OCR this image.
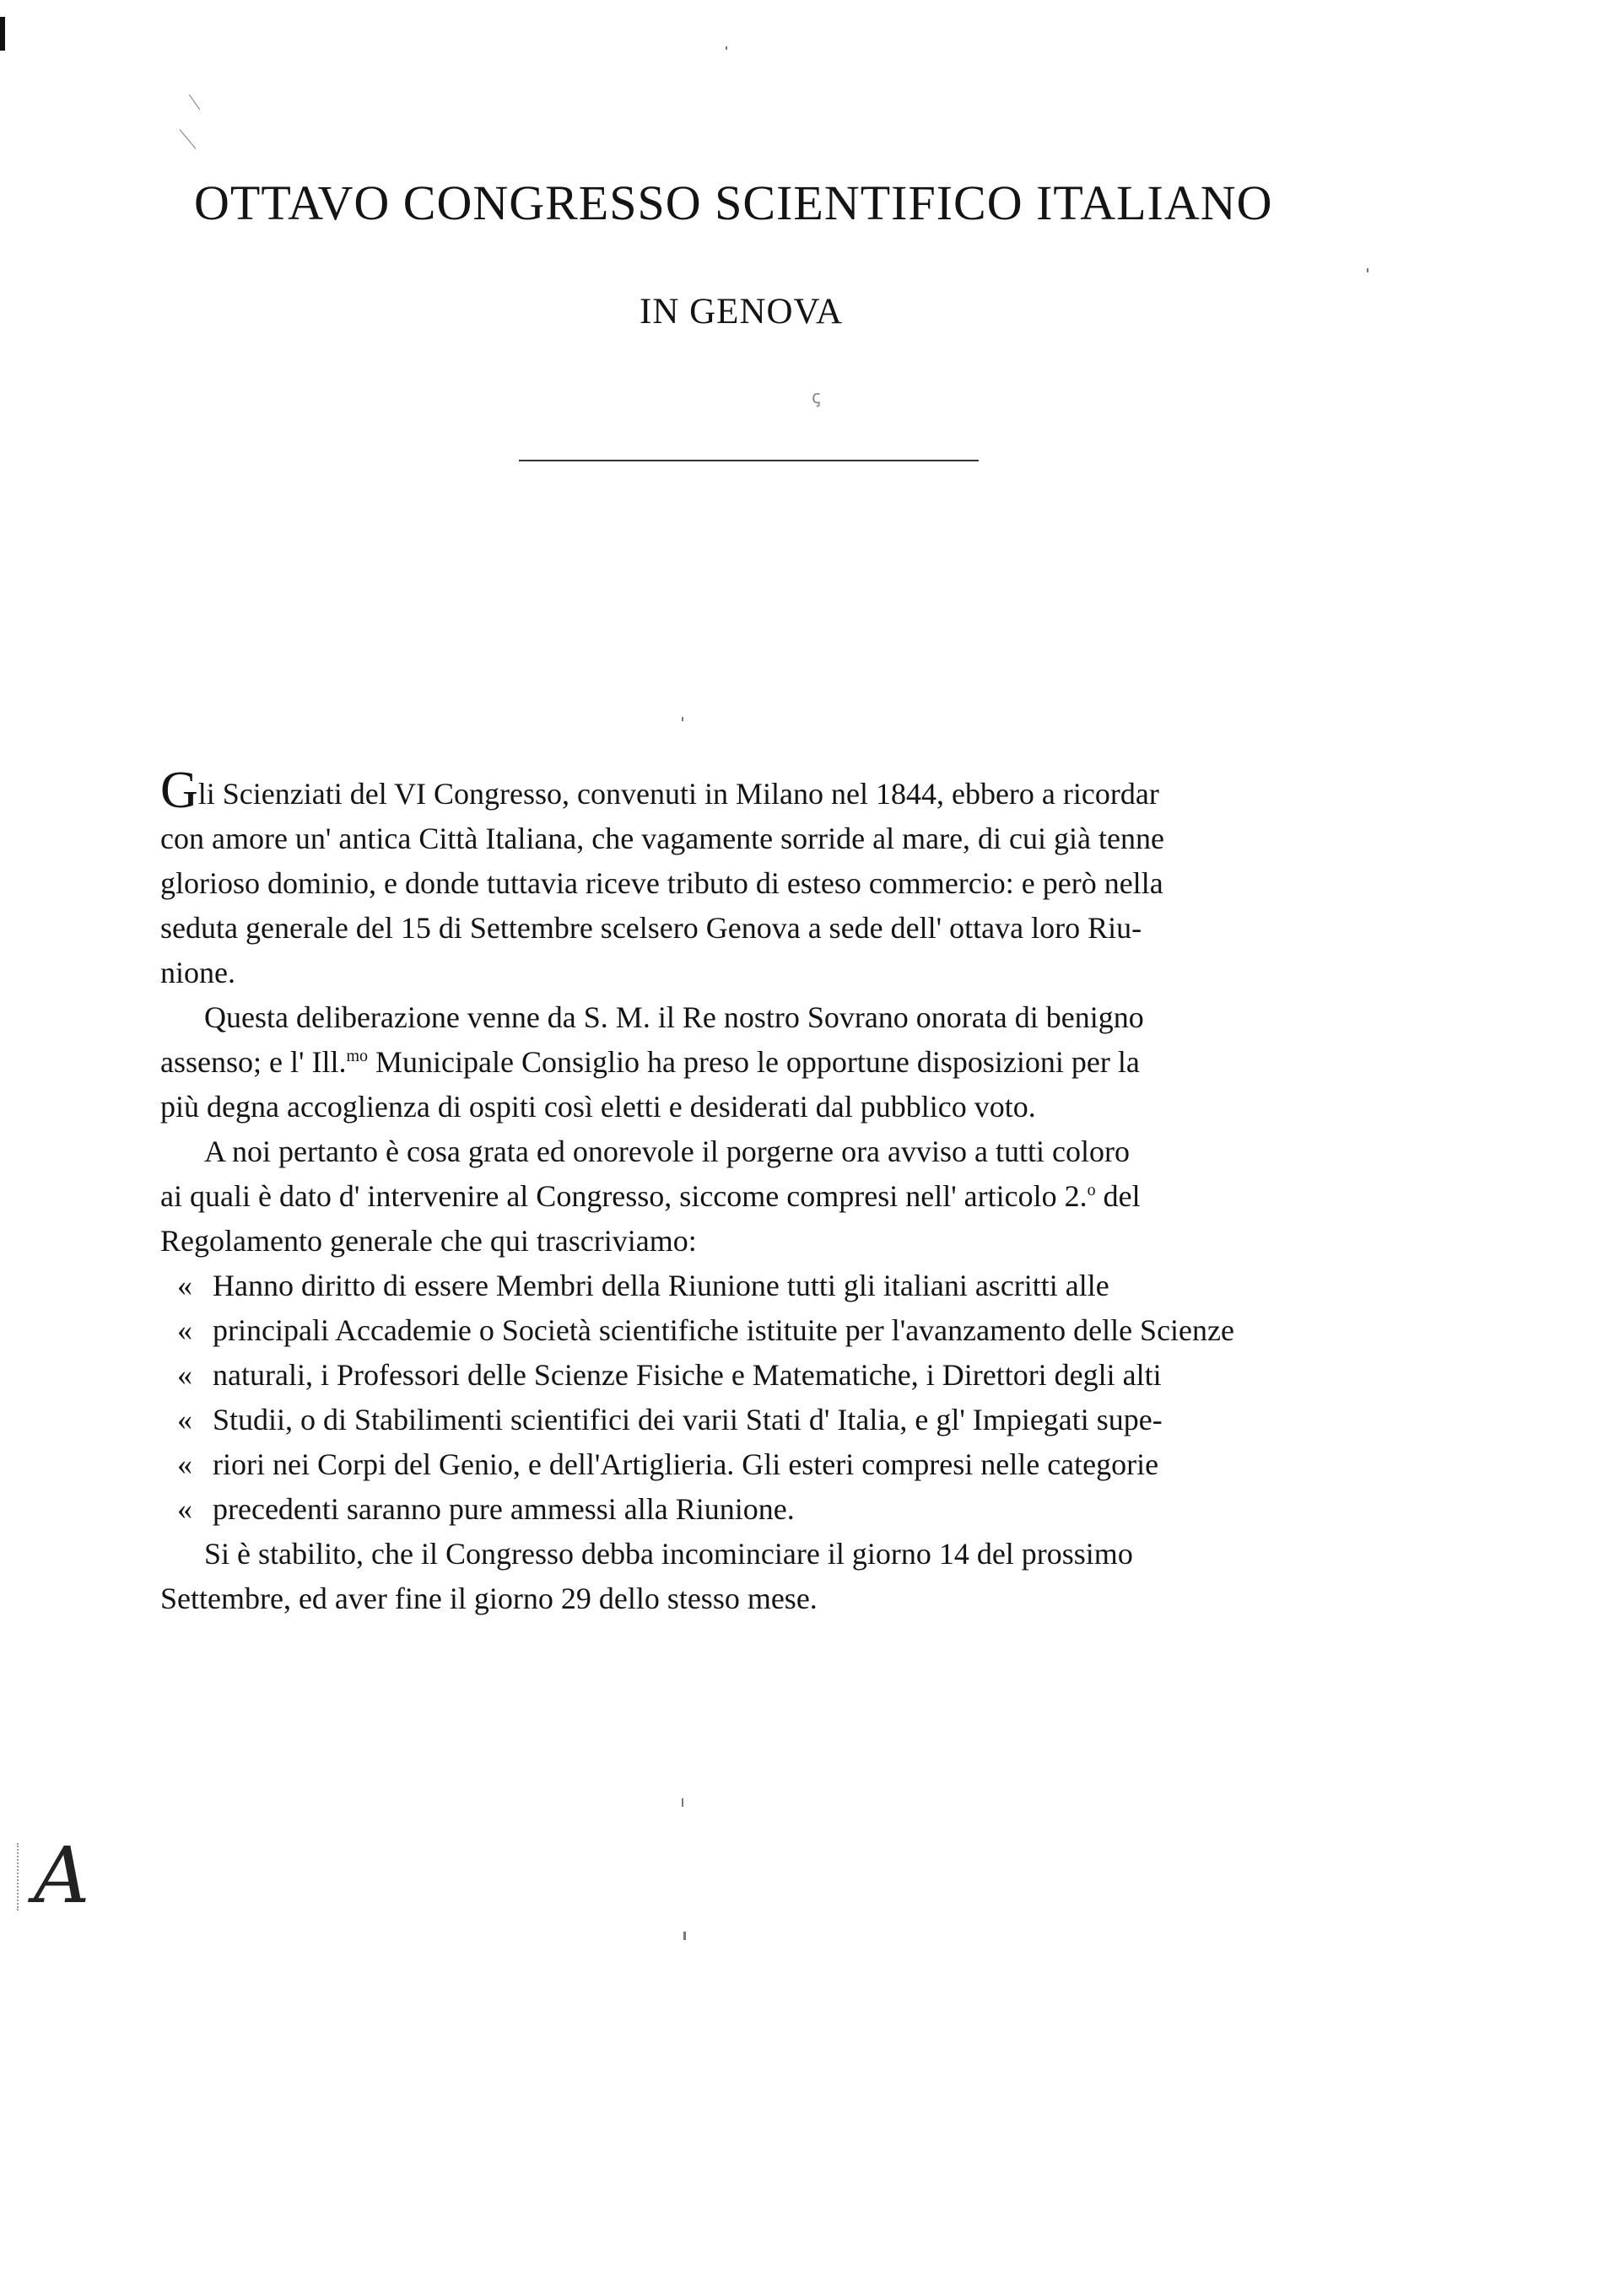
OTTAVO CONGRESSO SCIENTIFICO ITALIANO
IN GENOVA
ꞔ

Gli Scienziati del VI Congresso, convenuti in Milano nel 1844, ebbero a ricordar
con amore un' antica Città Italiana, che vagamente sorride al mare, di cui già tenne
glorioso dominio, e donde tuttavia riceve tributo di esteso commercio: e però nella
seduta generale del 15 di Settembre scelsero Genova a sede dell' ottava loro Riu-
nione.

Questa deliberazione venne da S. M. il Re nostro Sovrano onorata di benigno
assenso; e l' Ill.$^{mo}$ Municipale Consiglio ha preso le opportune disposizioni per la
più degna accoglienza di ospiti così eletti e desiderati dal pubblico voto.

A noi pertanto è cosa grata ed onorevole il porgerne ora avviso a tutti coloro
ai quali è dato d' intervenire al Congresso, siccome compresi nell' articolo 2.$^o$ del
Regolamento generale che qui trascriviamo:

« Hanno diritto di essere Membri della Riunione tutti gli italiani ascritti alle
« principali Accademie o Società scientifiche istituite per l'avanzamento delle Scienze
« naturali, i Professori delle Scienze Fisiche e Matematiche, i Direttori degli alti
« Studii, o di Stabilimenti scientifici dei varii Stati d' Italia, e gl' Impiegati supe-
« riori nei Corpi del Genio, e dell'Artiglieria. Gli esteri compresi nelle categorie
« precedenti saranno pure ammessi alla Riunione.

Si è stabilito, che il Congresso debba incominciare il giorno 14 del prossimo
Settembre, ed aver fine il giorno 29 dello stesso mese.

A
